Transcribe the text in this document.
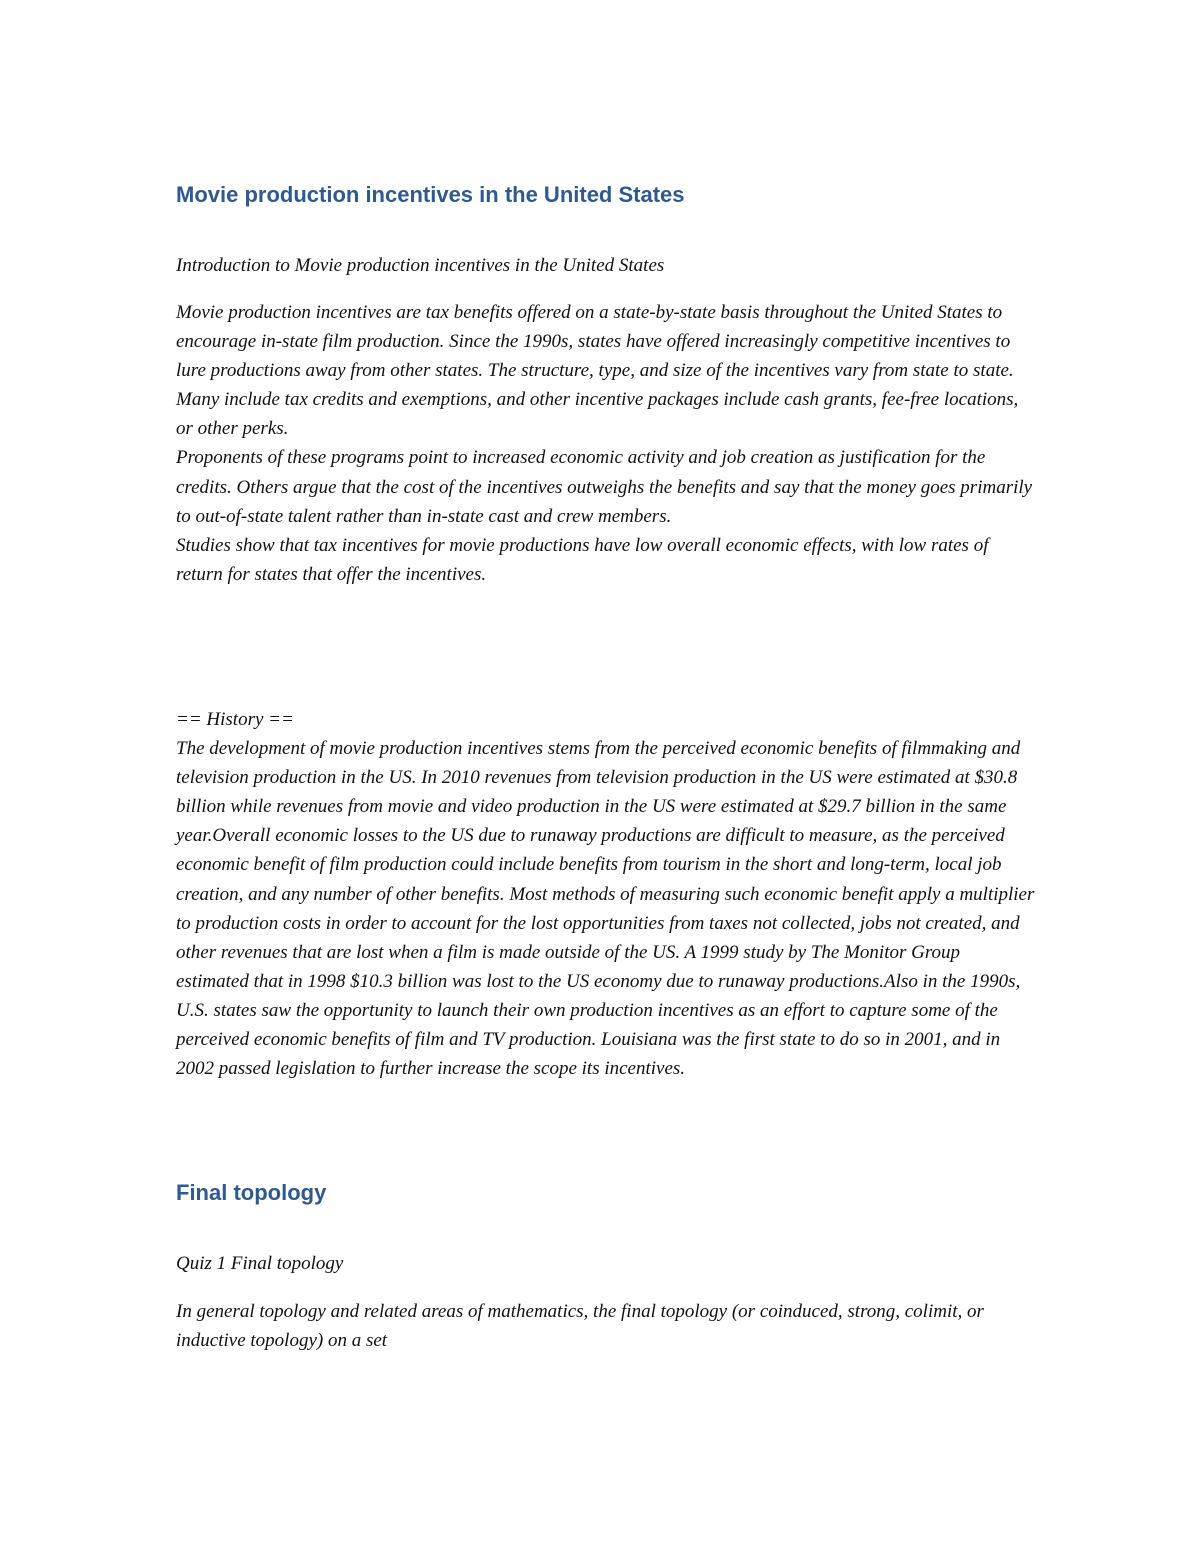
Movie production incentives in the United States

Introduction to Movie production incentives in the United States

Movie production incentives are tax benefits offered on a state-by-state basis throughout the United States to encourage in-state film production. Since the 1990s, states have offered increasingly competitive incentives to lure productions away from other states. The structure, type, and size of the incentives vary from state to state. Many include tax credits and exemptions, and other incentive packages include cash grants, fee-free locations, or other perks.

Proponents of these programs point to increased economic activity and job creation as justification for the credits. Others argue that the cost of the incentives outweighs the benefits and say that the money goes primarily to out-of-state talent rather than in-state cast and crew members.

Studies show that tax incentives for movie productions have low overall economic effects, with low rates of return for states that offer the incentives.

== History ==

The development of movie production incentives stems from the perceived economic benefits of filmmaking and television production in the US. In 2010 revenues from television production in the US were estimated at $30.8 billion while revenues from movie and video production in the US were estimated at $29.7 billion in the same year.Overall economic losses to the US due to runaway productions are difficult to measure, as the perceived economic benefit of film production could include benefits from tourism in the short and long-term, local job creation, and any number of other benefits. Most methods of measuring such economic benefit apply a multiplier to production costs in order to account for the lost opportunities from taxes not collected, jobs not created, and other revenues that are lost when a film is made outside of the US. A 1999 study by The Monitor Group estimated that in 1998 $10.3 billion was lost to the US economy due to runaway productions.Also in the 1990s, U.S. states saw the opportunity to launch their own production incentives as an effort to capture some of the perceived economic benefits of film and TV production. Louisiana was the first state to do so in 2001, and in 2002 passed legislation to further increase the scope its incentives.

Final topology

Quiz 1 Final topology

In general topology and related areas of mathematics, the final topology (or coinduced, strong, colimit, or inductive topology) on a set
